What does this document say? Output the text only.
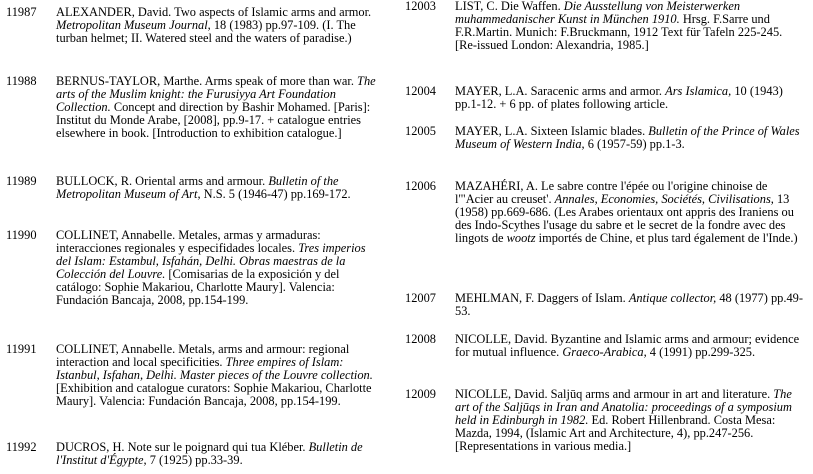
11987	ALEXANDER, David. Two aspects of Islamic arms and armor. Metropolitan Museum Journal, 18 (1983) pp.97-109. (I. The turban helmet; II. Watered steel and the waters of paradise.)
11988	BERNUS-TAYLOR, Marthe. Arms speak of more than war. The arts of the Muslim knight: the Furusiyya Art Foundation Collection. Concept and direction by Bashir Mohamed. [Paris]: Institut du Monde Arabe, [2008], pp.9-17. + catalogue entries elsewhere in book. [Introduction to exhibition catalogue.]
11989	BULLOCK, R. Oriental arms and armour. Bulletin of the Metropolitan Museum of Art, N.S. 5 (1946-47) pp.169-172.
11990	COLLINET, Annabelle. Metales, armas y armaduras: interacciones regionales y especifidades locales. Tres imperios del Islam: Estambul, Isfahán, Delhi. Obras maestras de la Colección del Louvre. [Comisarias de la exposición y del catálogo: Sophie Makariou, Charlotte Maury]. Valencia: Fundación Bancaja, 2008, pp.154-199.
11991	COLLINET, Annabelle. Metals, arms and armour: regional interaction and local specificities. Three empires of Islam: Istanbul, Isfahan, Delhi. Master pieces of the Louvre collection. [Exhibition and catalogue curators: Sophie Makariou, Charlotte Maury]. Valencia: Fundación Bancaja, 2008, pp.154-199.
11992	DUCROS, H. Note sur le poignard qui tua Kléber. Bulletin de l'Institut d'Égypte, 7 (1925) pp.33-39.
12003	LIST, C. Die Waffen. Die Ausstellung von Meisterwerken muhammedanischer Kunst in München 1910. Hrsg. F.Sarre und F.R.Martin. Munich: F.Bruckmann, 1912 Text für Tafeln 225-245. [Re-issued London: Alexandria, 1985.]
12004	MAYER, L.A. Saracenic arms and armor. Ars Islamica, 10 (1943) pp.1-12. + 6 pp. of plates following article.
12005	MAYER, L.A. Sixteen Islamic blades. Bulletin of the Prince of Wales Museum of Western India, 6 (1957-59) pp.1-3.
12006	MAZAHÉRI, A. Le sabre contre l'épée ou l'origine chinoise de l'"Acier au creuset'. Annales, Economies, Sociétés, Civilisations, 13 (1958) pp.669-686. (Les Arabes orientaux ont appris des Iraniens ou des Indo-Scythes l'usage du sabre et le secret de la fondre avec des lingots de wootz importés de Chine, et plus tard également de l'Inde.)
12007	MEHLMAN, F. Daggers of Islam. Antique collector, 48 (1977) pp.49-53.
12008	NICOLLE, David. Byzantine and Islamic arms and armour; evidence for mutual influence. Graeco-Arabica, 4 (1991) pp.299-325.
12009	NICOLLE, David. Saljūq arms and armour in art and literature. The art of the Saljūqs in Iran and Anatolia: proceedings of a symposium held in Edinburgh in 1982. Ed. Robert Hillenbrand. Costa Mesa: Mazda, 1994, (Islamic Art and Architecture, 4), pp.247-256. [Representations in various media.]
